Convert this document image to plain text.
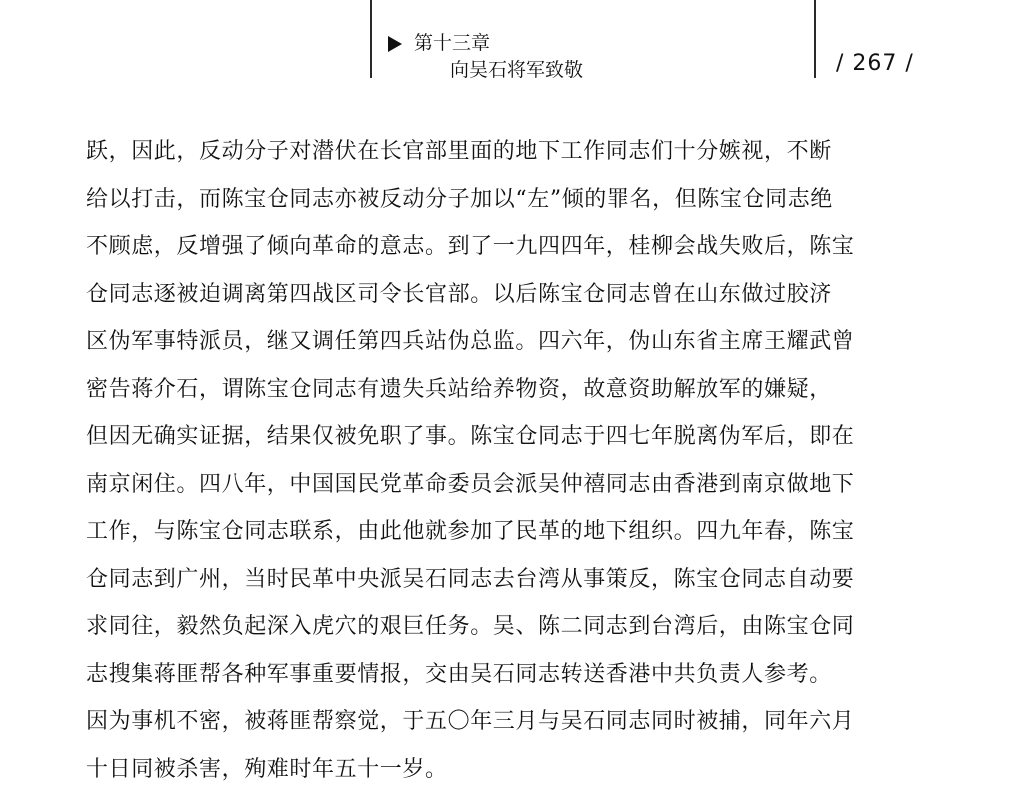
第十三章
向吴石将军致敬	/ 267 /
跃，因此，反动分子对潜伏在长官部里面的地下工作同志们十分嫉视，不断
给以打击，而陈宝仓同志亦被反动分子加以“左”倾的罪名，但陈宝仓同志绝
不顾虑，反增强了倾向革命的意志。到了一九四四年，桂柳会战失败后，陈宝
仓同志逐被迫调离第四战区司令长官部。以后陈宝仓同志曾在山东做过胶济
区伪军事特派员，继又调任第四兵站伪总监。四六年，伪山东省主席王耀武曾
密告蒋介石，谓陈宝仓同志有遗失兵站给养物资，故意资助解放军的嫌疑，
但因无确实证据，结果仅被免职了事。陈宝仓同志于四七年脱离伪军后，即在
南京闲住。四八年，中国国民党革命委员会派吴仲禧同志由香港到南京做地下
工作，与陈宝仓同志联系，由此他就参加了民革的地下组织。四九年春，陈宝
仓同志到广州，当时民革中央派吴石同志去台湾从事策反，陈宝仓同志自动要
求同往，毅然负起深入虎穴的艰巨任务。吴、陈二同志到台湾后，由陈宝仓同
志搜集蒋匪帮各种军事重要情报，交由吴石同志转送香港中共负责人参考。
因为事机不密，被蒋匪帮察觉，于五〇年三月与吴石同志同时被捕，同年六月
十日同被杀害，殉难时年五十一岁。
